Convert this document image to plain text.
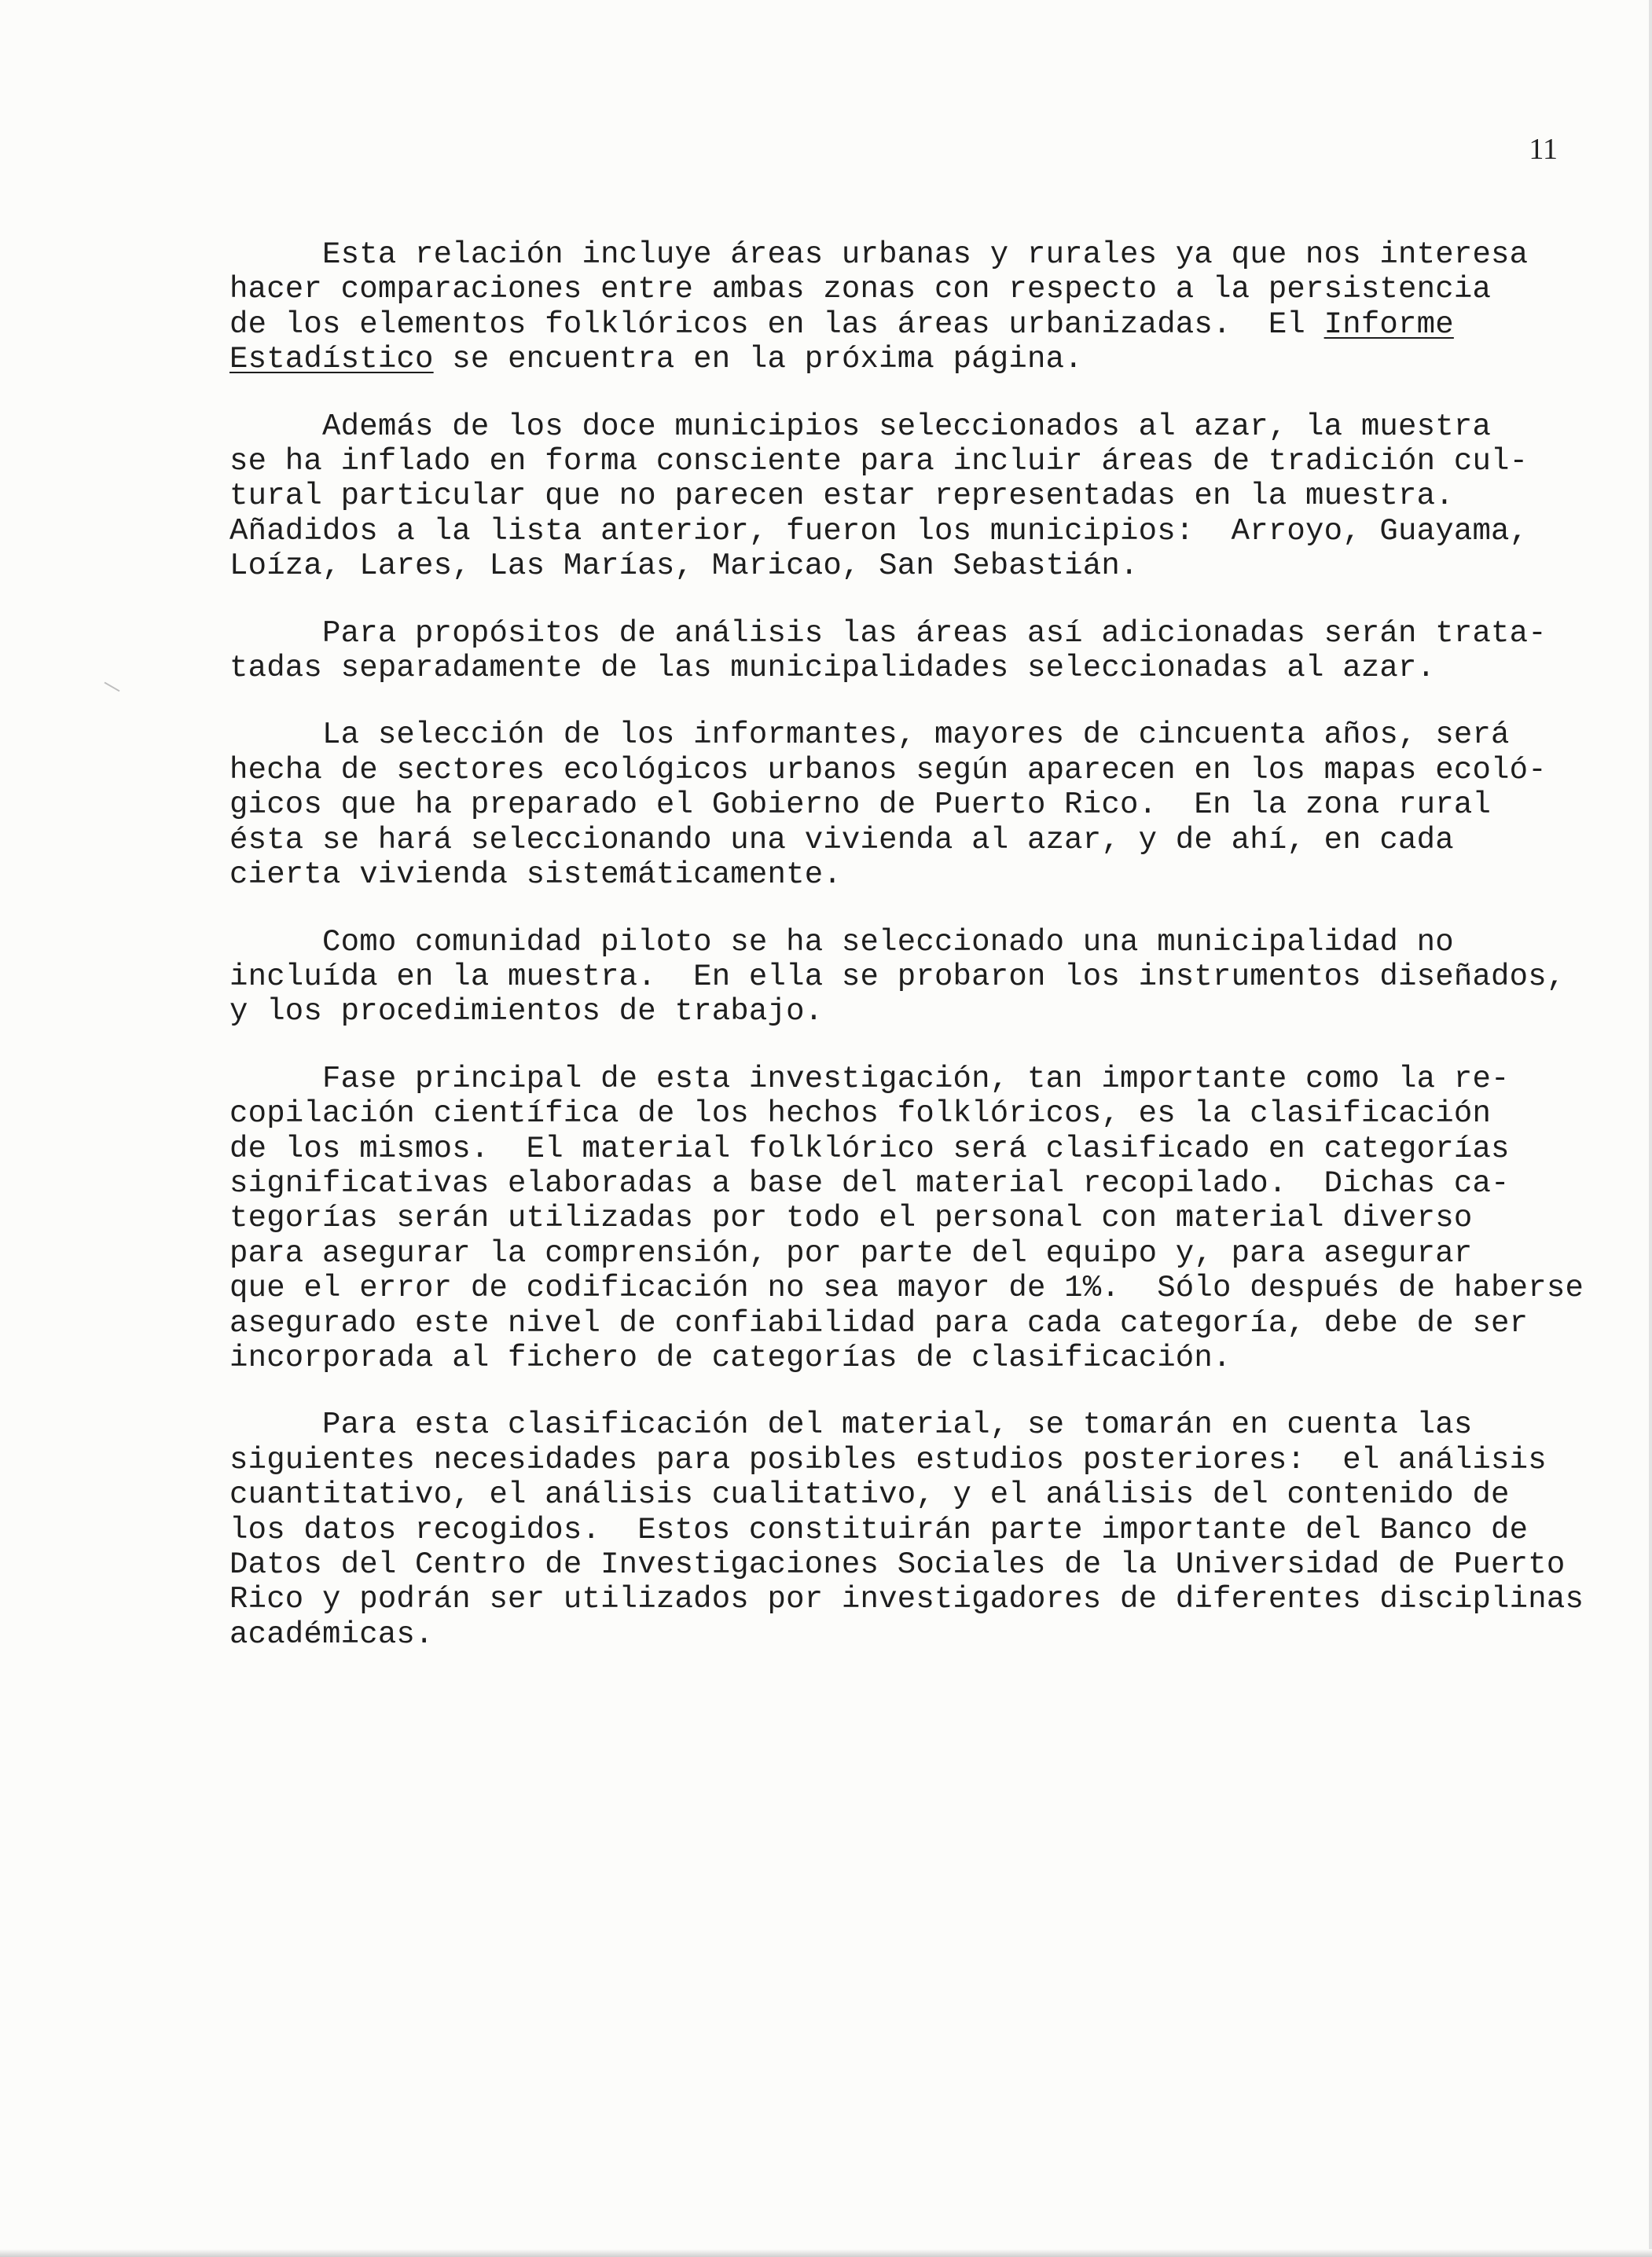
11

Esta relación incluye áreas urbanas y rurales ya que nos interesa
hacer comparaciones entre ambas zonas con respecto a la persistencia
de los elementos folklóricos en las áreas urbanizadas.  El Informe
Estadístico se encuentra en la próxima página.

Además de los doce municipios seleccionados al azar, la muestra
se ha inflado en forma consciente para incluir áreas de tradición cul-
tural particular que no parecen estar representadas en la muestra.
Añadidos a la lista anterior, fueron los municipios:  Arroyo, Guayama,
Loíza, Lares, Las Marías, Maricao, San Sebastián.

Para propósitos de análisis las áreas así adicionadas serán trata-
tadas separadamente de las municipalidades seleccionadas al azar.

La selección de los informantes, mayores de cincuenta años, será
hecha de sectores ecológicos urbanos según aparecen en los mapas ecoló-
gicos que ha preparado el Gobierno de Puerto Rico.  En la zona rural
ésta se hará seleccionando una vivienda al azar, y de ahí, en cada
cierta vivienda sistemáticamente.

Como comunidad piloto se ha seleccionado una municipalidad no
incluída en la muestra.  En ella se probaron los instrumentos diseñados,
y los procedimientos de trabajo.

Fase principal de esta investigación, tan importante como la re-
copilación científica de los hechos folklóricos, es la clasificación
de los mismos.  El material folklórico será clasificado en categorías
significativas elaboradas a base del material recopilado.  Dichas ca-
tegorías serán utilizadas por todo el personal con material diverso
para asegurar la comprensión, por parte del equipo y, para asegurar
que el error de codificación no sea mayor de 1%.  Sólo después de haberse
asegurado este nivel de confiabilidad para cada categoría, debe de ser
incorporada al fichero de categorías de clasificación.

Para esta clasificación del material, se tomarán en cuenta las
siguientes necesidades para posibles estudios posteriores:  el análisis
cuantitativo, el análisis cualitativo, y el análisis del contenido de
los datos recogidos.  Estos constituirán parte importante del Banco de
Datos del Centro de Investigaciones Sociales de la Universidad de Puerto
Rico y podrán ser utilizados por investigadores de diferentes disciplinas
académicas.
